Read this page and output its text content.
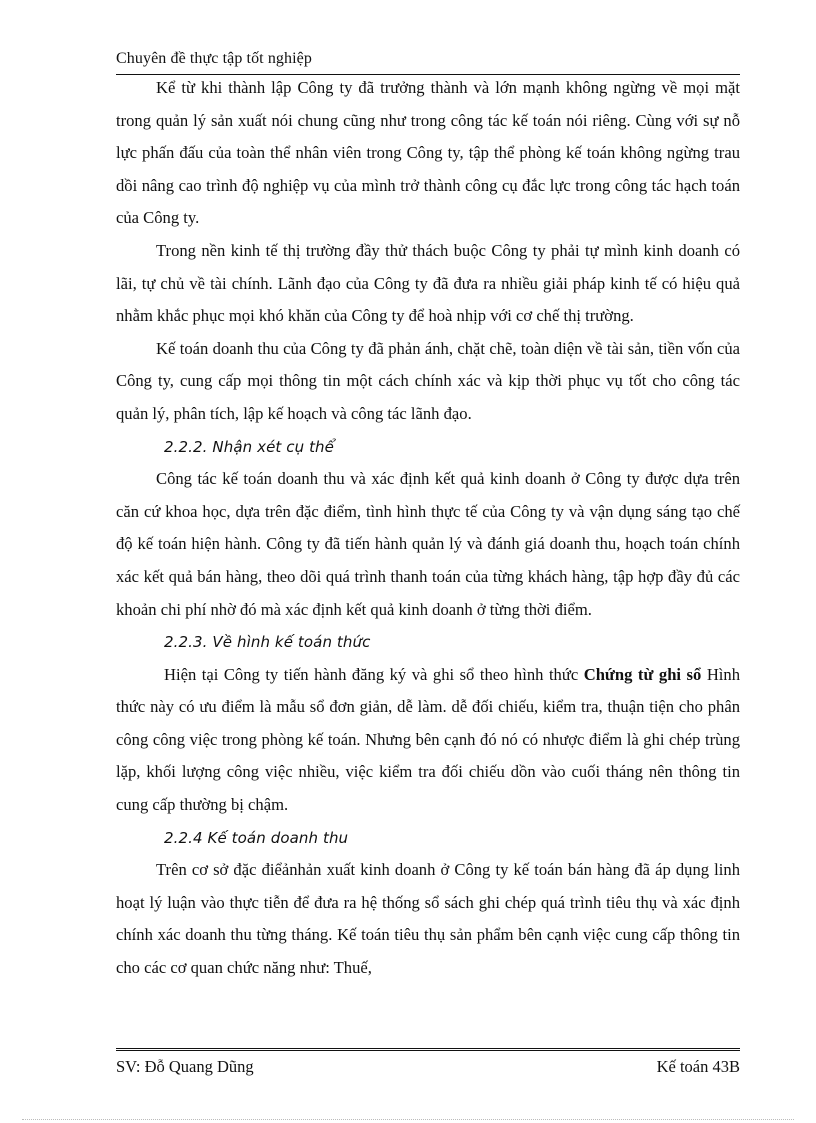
Chuyên đề thực tập tốt nghiệp

Kể từ khi thành lập Công ty đã trưởng thành và lớn mạnh không ngừng về mọi mặt trong quản lý sản xuất nói chung cũng như trong công tác kế toán nói riêng. Cùng với sự nỗ lực phấn đấu của toàn thể nhân viên trong Công ty, tập thể phòng kế toán không ngừng trau dồi nâng cao trình độ nghiệp vụ của mình trở thành công cụ đắc lực trong công tác hạch toán của Công ty.

Trong nền kinh tế thị trường đầy thử thách buộc Công ty phải tự mình kinh doanh có lãi, tự chủ về tài chính. Lãnh đạo của Công ty đã đưa ra nhiều giải pháp kinh tế có hiệu quả nhằm khắc phục mọi khó khăn của Công ty để hoà nhịp với cơ chế thị trường.

Kế toán doanh thu của Công ty đã phản ánh, chặt chẽ, toàn diện về tài sản, tiền vốn của Công ty, cung cấp mọi thông tin một cách chính xác và kịp thời phục vụ tốt cho công tác quản lý, phân tích, lập kế hoạch và công tác lãnh đạo.

2.2.2. Nhận xét cụ thể

Công tác kế toán doanh thu và xác định kết quả kinh doanh ở Công ty được dựa trên căn cứ khoa học, dựa trên đặc điểm, tình hình thực tế của Công ty và vận dụng sáng tạo chế độ kế toán hiện hành. Công ty đã tiến hành quản lý và đánh giá doanh thu, hoạch toán chính xác kết quả bán hàng, theo dõi quá trình thanh toán của từng khách hàng, tập hợp đầy đủ các khoản chi phí nhờ đó mà xác định kết quả kinh doanh ở từng thời điểm.

2.2.3. Về hình kế toán thức

Hiện tại Công ty tiến hành đăng ký và ghi sổ theo hình thức Chứng từ ghi sổ Hình thức này có ưu điểm là mẫu sổ đơn giản, dễ làm. dễ đối chiếu, kiểm tra, thuận tiện cho phân công công việc trong phòng kế toán. Nhưng bên cạnh đó nó có nhược điểm là ghi chép trùng lặp, khối lượng công việc nhiều, việc kiểm tra đối chiếu dồn vào cuối tháng nên thông tin cung cấp thường bị chậm.

2.2.4 Kế toán doanh thu

Trên cơ sở đặc điểảnhản xuất kinh doanh ở Công ty kế toán bán hàng đã áp dụng linh hoạt lý luận vào thực tiễn để đưa ra hệ thống sổ sách ghi chép quá trình tiêu thụ và xác định chính xác doanh thu từng tháng. Kế toán tiêu thụ sản phẩm bên cạnh việc cung cấp thông tin cho các cơ quan chức năng như: Thuế,

SV: Đỗ Quang Dũng	Kế toán 43B
